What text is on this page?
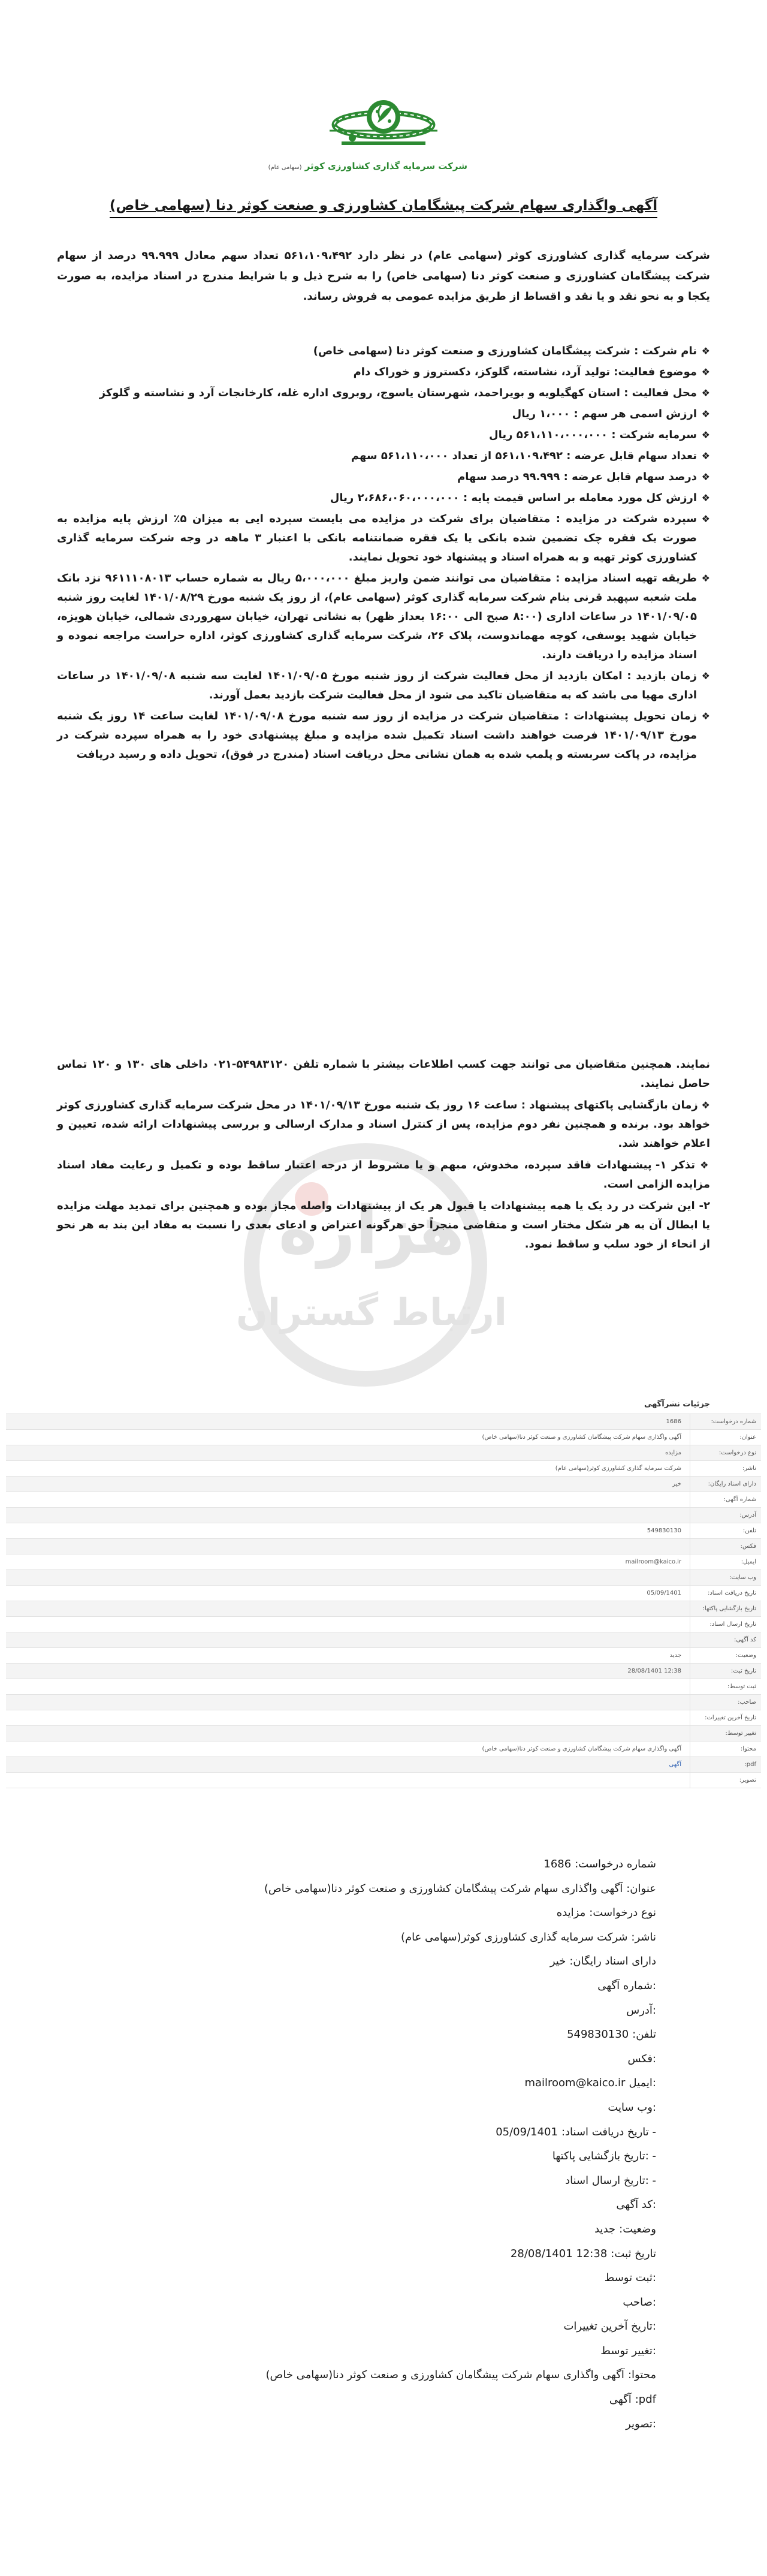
شرکت سرمایه گذاری کشاورزی کوثر (سهامی عام)
آگهی واگذاری سهام شرکت پیشگامان کشاورزی و صنعت کوثر دنا (سهامی خاص)
شرکت سرمایه گذاری کشاورزی کوثر (سهامی عام) در نظر دارد ۵۶۱،۱۰۹،۴۹۲ تعداد سهم معادل ۹۹.۹۹۹ درصد از سهام شرکت پیشگامان کشاورزی و صنعت کوثر دنا (سهامی خاص) را به شرح ذیل و با شرایط مندرج در اسناد مزایده، به صورت یکجا و به نحو نقد و یا نقد و اقساط از طریق مزایده عمومی به فروش رساند.
❖
نام شرکت : شرکت پیشگامان کشاورزی و صنعت کوثر دنا (سهامی خاص)
❖
موضوع فعالیت: تولید آرد، نشاسته، گلوکز، دکستروز و خوراک دام
❖
محل فعالیت : استان کهگیلویه و بویراحمد، شهرستان یاسوج، روبروی اداره غله، کارخانجات آرد و نشاسته و گلوکز
❖
ارزش اسمی هر سهم : ۱،۰۰۰ ریال
❖
سرمایه شرکت : ۵۶۱،۱۱۰،۰۰۰،۰۰۰ ریال
❖
تعداد سهام قابل عرضه : ۵۶۱،۱۰۹،۴۹۲ از تعداد ۵۶۱،۱۱۰،۰۰۰ سهم
❖
درصد سهام قابل عرضه : ۹۹.۹۹۹ درصد سهام
❖
ارزش کل مورد معامله بر اساس قیمت پایه : ۲،۶۸۶،۰۶۰،۰۰۰،۰۰۰ ریال
❖
سپرده شرکت در مزایده : متقاضیان برای شرکت در مزایده می بایست سپرده ایی به میزان ۵٪ ارزش پایه مزایده به صورت یک فقره چک تضمین شده بانکی یا یک فقره ضمانتنامه بانکی با اعتبار ۳ ماهه در وجه شرکت سرمایه گذاری کشاورزی کوثر تهیه و به همراه اسناد و پیشنهاد خود تحویل نمایند.
❖
طریقه تهیه اسناد مزایده : متقاضیان می توانند ضمن واریز مبلغ ۵،۰۰۰،۰۰۰ ریال به شماره حساب ۹۶۱۱۱۰۸۰۱۳ نزد بانک ملت شعبه سپهبد قرنی بنام شرکت سرمایه گذاری کوثر (سهامی عام)، از روز یک شنبه مورخ ۱۴۰۱/۰۸/۲۹ لغایت روز شنبه ۱۴۰۱/۰۹/۰۵ در ساعات اداری (۸:۰۰ صبح الی ۱۶:۰۰ بعداز ظهر) به نشانی تهران، خیابان سهروردی شمالی، خیابان هویزه، خیابان شهید یوسفی، کوچه مهماندوست، پلاک ۲۶، شرکت سرمایه گذاری کشاورزی کوثر، اداره حراست مراجعه نموده و اسناد مزایده را دریافت دارند.
❖
زمان بازدید : امکان بازدید از محل فعالیت شرکت از روز شنبه مورخ ۱۴۰۱/۰۹/۰۵ لغایت سه شنبه ۱۴۰۱/۰۹/۰۸ در ساعات اداری مهیا می باشد که به متقاضیان تاکید می شود از محل فعالیت شرکت بازدید بعمل آورند.
❖
زمان تحویل پیشنهادات : متقاضیان شرکت در مزایده از روز سه شنبه مورخ ۱۴۰۱/۰۹/۰۸ لغایت ساعت ۱۴ روز یک شنبه مورخ ۱۴۰۱/۰۹/۱۳ فرصت خواهند داشت اسناد تکمیل شده مزایده و مبلغ پیشنهادی خود را به همراه سپرده شرکت در مزایده، در پاکت سربسته و پلمب شده به همان نشانی محل دریافت اسناد (مندرج در فوق)، تحویل داده و رسید دریافت
هزاره
ارتباط گستران

نمایند. همچنین متقاضیان می توانند جهت کسب اطلاعات بیشتر با شماره تلفن ۵۴۹۸۳۱۲۰-۰۲۱ داخلی های ۱۳۰ و ۱۲۰ تماس حاصل نمایند.

❖ زمان بازگشایی پاکتهای پیشنهاد : ساعت ۱۶ روز یک شنبه مورخ ۱۴۰۱/۰۹/۱۳ در محل شرکت سرمایه گذاری کشاورزی کوثر خواهد بود. برنده و همچنین نفر دوم مزایده، پس از کنترل اسناد و مدارک ارسالی و بررسی پیشنهادات ارائه شده، تعیین و اعلام خواهند شد.

❖ تذکر ۱- پیشنهادات فاقد سپرده، مخدوش، مبهم و یا مشروط از درجه اعتبار ساقط بوده و تکمیل و رعایت مفاد اسناد مزایده الزامی است.

۲- این شرکت در رد یک یا همه پیشنهادات یا قبول هر یک از پیشنهادات واصله مجاز بوده و همچنین برای تمدید مهلت مزایده یا ابطال آن به هر شکل مختار است و متقاضی منجراً حق هرگونه اعتراض و ادعای بعدی را نسبت به مفاد این بند به هر نحو از انحاء از خود سلب و ساقط نمود.

جزئیات نشرآگهی
شماره درخواست:
1686
عنوان:
آگهی واگذاری سهام شرکت پیشگامان کشاورزی و صنعت کوثر دنا(سهامی خاص)
نوع درخواست:
مزایده
ناشر:
شرکت سرمایه گذاری کشاورزی کوثر(سهامی عام)
دارای اسناد رایگان:
خیر
شماره آگهی:
آدرس:
تلفن:
549830130
فکس:
ایمیل:
mailroom@kaico.ir
وب سایت:
تاریخ دریافت اسناد:
05/09/1401
تاریخ بازگشایی پاکتها:
تاریخ ارسال اسناد:
کد آگهی:
وضعیت:
جدید
تاریخ ثبت:
12:38 28/08/1401
ثبت توسط:
صاحب:
تاریخ آخرین تغییرات:
تغییر توسط:
محتوا:
آگهی واگذاری سهام شرکت پیشگامان کشاورزی و صنعت کوثر دنا(سهامی خاص)
pdf:
آگهی
تصویر:
شماره درخواست:1686
عنوان:آگهی واگذاری سهام شرکت پیشگامان کشاورزی و صنعت کوثر دنا(سهامی خاص)
نوع درخواست:مزایده
ناشر:شرکت سرمایه گذاری کشاورزی کوثر(سهامی عام)
دارای اسناد رایگان:خیر
:شماره آگهی
:آدرس
تلفن:549830130
:فکس
:ایمیلmailroom@kaico.ir
:وب سایت
- تاریخ دریافت اسناد:05/09/1401
- :تاریخ بازگشایی پاکتها
- :تاریخ ارسال اسناد
:کد آگهی
وضعیت:جدید
تاریخ ثبت:12:38 28/08/1401
:ثبت توسط
:صاحب
:تاریخ آخرین تغییرات
:تغییر توسط
محتوا:آگهی واگذاری سهام شرکت پیشگامان کشاورزی و صنعت کوثر دنا(سهامی خاص)
pdf:آگهی
:تصویر
